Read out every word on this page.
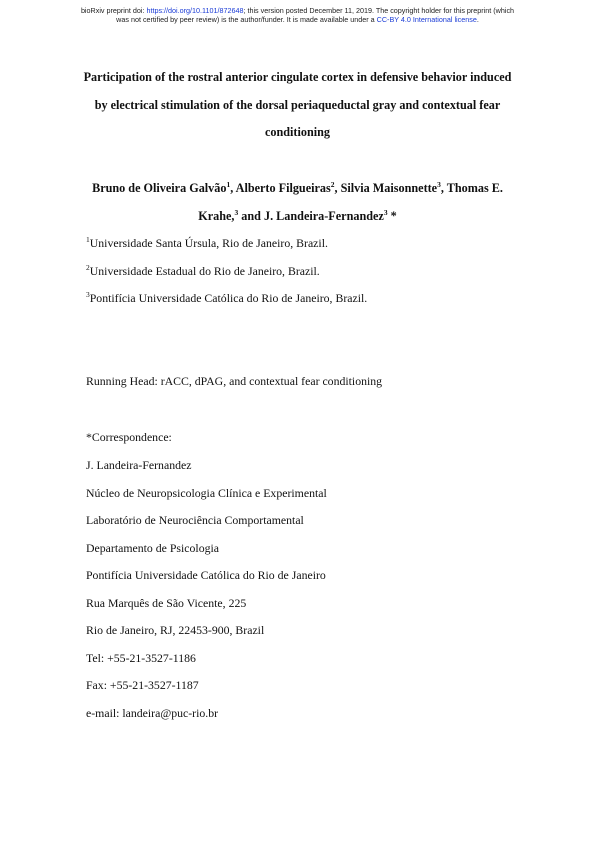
bioRxiv preprint doi: https://doi.org/10.1101/872648; this version posted December 11, 2019. The copyright holder for this preprint (which
was not certified by peer review) is the author/funder. It is made available under a CC-BY 4.0 International license.
Participation of the rostral anterior cingulate cortex in defensive behavior induced
by electrical stimulation of the dorsal periaqueductal gray and contextual fear
conditioning
Bruno de Oliveira Galvão$^1$, Alberto Filgueiras$^2$, Silvia Maisonnette$^3$, Thomas E. Krahe,$^3$ and J. Landeira-Fernandez$^3$ *
$^1$Universidade Santa Úrsula, Rio de Janeiro, Brazil.
$^2$Universidade Estadual do Rio de Janeiro, Brazil.
$^3$Pontifícia Universidade Católica do Rio de Janeiro, Brazil.
Running Head: rACC, dPAG, and contextual fear conditioning
*Correspondence:
J. Landeira-Fernandez
Núcleo de Neuropsicologia Clínica e Experimental
Laboratório de Neurociência Comportamental
Departamento de Psicologia
Pontifícia Universidade Católica do Rio de Janeiro
Rua Marquês de São Vicente, 225
Rio de Janeiro, RJ, 22453-900, Brazil
Tel: +55-21-3527-1186
Fax: +55-21-3527-1187
e-mail: landeira@puc-rio.br
